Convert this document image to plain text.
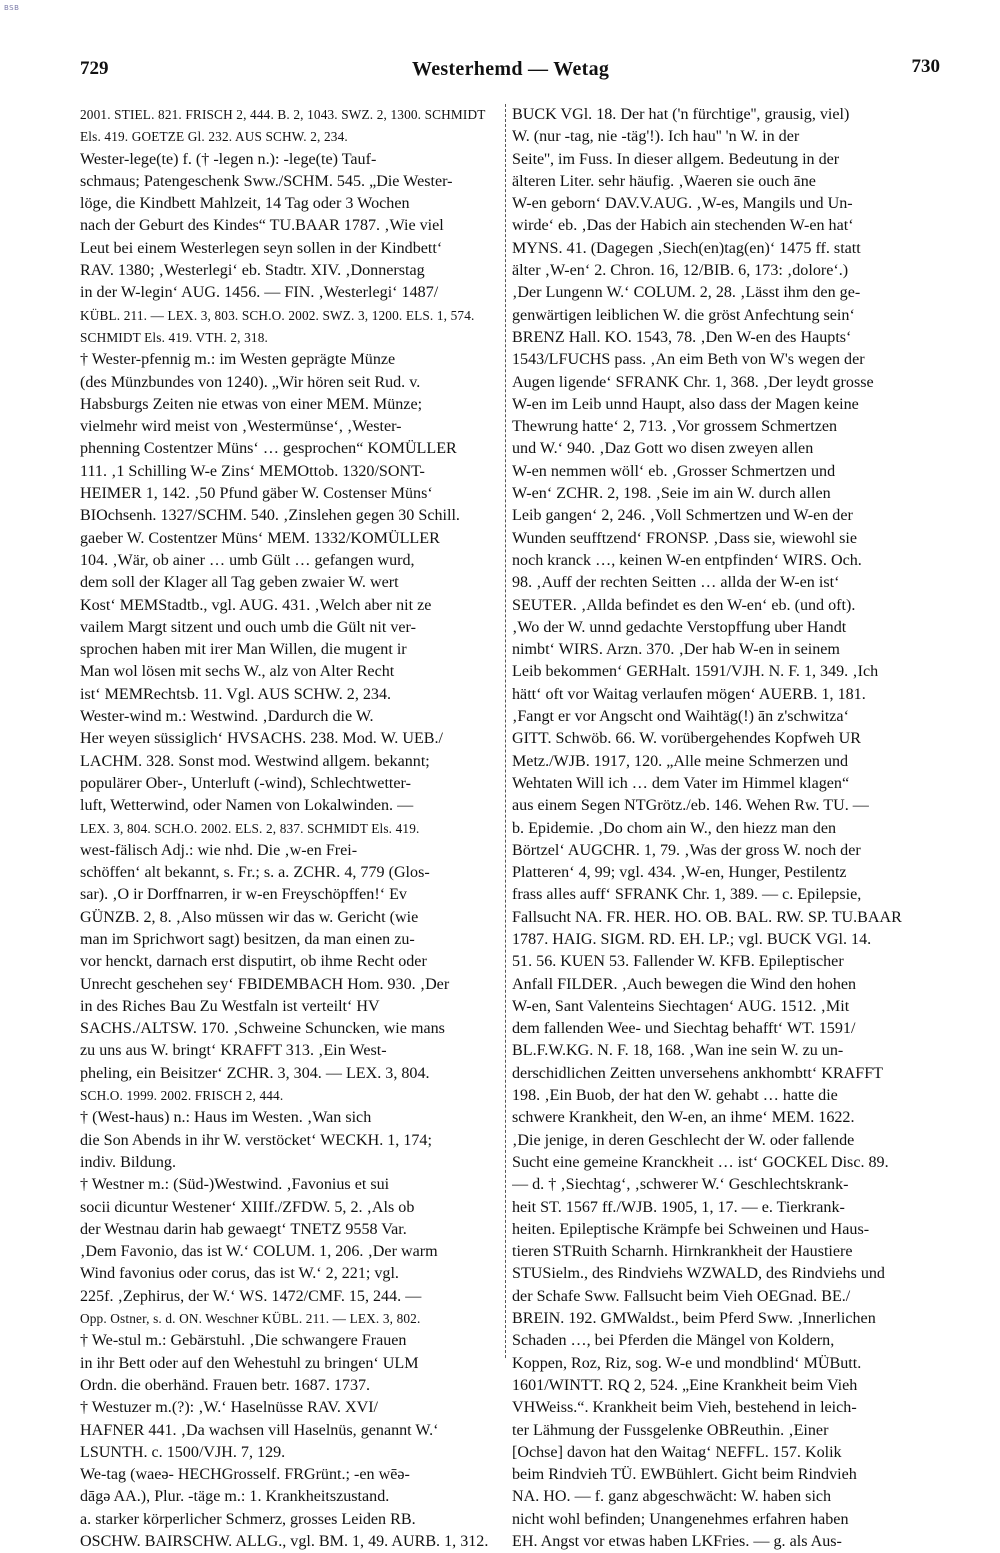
BSB
729	Westerhemd — Wetag	730
2001. STIEL. 821. FRISCH 2, 444. B. 2, 1043. SWZ. 2, 1300. SCHMIDT
Els. 419. GOETZE Gl. 232. AUS SCHW. 2, 234.
Wester-lege(te) f. († -legen n.): -lege(te) Tauf-
schmaus; Patengeschenk Sww./SCHM. 545. „Die Wester-
löge, die Kindbett Mahlzeit, 14 Tag oder 3 Wochen
nach der Geburt des Kindes“ TU.BAAR 1787. ‚Wie viel
Leut bei einem Westerlegen seyn sollen in der Kindbett‘
RAV. 1380; ‚Westerlegi‘ eb. Stadtr. XIV. ‚Donnerstag
in der W-legin‘ AUG. 1456. — FIN. ‚Westerlegi‘ 1487/
KÜBL. 211. — LEX. 3, 803. SCH.O. 2002. SWZ. 3, 1200. ELS. 1, 574.
SCHMIDT Els. 419. VTH. 2, 318.
† Wester-pfennig m.: im Westen geprägte Münze
(des Münzbundes von 1240). „Wir hören seit Rud. v.
Habsburgs Zeiten nie etwas von einer MEM. Münze;
vielmehr wird meist von ‚Westermünse‘, ‚Wester-
phenning Costentzer Müns‘ … gesprochen“ KOMÜLLER
111. ‚1 Schilling W-e Zins‘ MEMOttob. 1320/SONT-
HEIMER 1, 142. ‚50 Pfund gäber W. Costenser Müns‘
BIOchsenh. 1327/SCHM. 540. ‚Zinslehen gegen 30 Schill.
gaeber W. Costentzer Müns‘ MEM. 1332/KOMÜLLER
104. ‚Wär, ob ainer … umb Gült … gefangen wurd,
dem soll der Klager all Tag geben zwaier W. wert
Kost‘ MEMStadtb., vgl. AUG. 431. ‚Welch aber nit ze
vailem Margt sitzent und ouch umb die Gült nit ver-
sprochen haben mit irer Man Willen, die mugent ir
Man wol lösen mit sechs W., alz von Alter Recht
ist‘ MEMRechtsb. 11. Vgl. AUS SCHW. 2, 234.
Wester-wind m.: Westwind. ‚Dardurch die W.
Her weyen süssiglich‘ HVSACHS. 238. Mod. W. UEB./
LACHM. 328. Sonst mod. Westwind allgem. bekannt;
populärer Ober-, Unterluft (-wind), Schlechtwetter-
luft, Wetterwind, oder Namen von Lokalwinden. —
LEX. 3, 804. SCH.O. 2002. ELS. 2, 837. SCHMIDT Els. 419.
west-fälisch Adj.: wie nhd. Die ‚w-en Frei-
schöffen‘ alt bekannt, s. Fr.; s. a. ZCHR. 4, 779 (Glos-
sar). ‚O ir Dorffnarren, ir w-en Freyschöpffen!‘ Ev
GÜNZB. 2, 8. ‚Also müssen wir das w. Gericht (wie
man im Sprichwort sagt) besitzen, da man einen zu-
vor henckt, darnach erst disputirt, ob ihme Recht oder
Unrecht geschehen sey‘ FBIDEMBACH Hom. 930. ‚Der
in des Riches Bau Zu Westfaln ist verteilt‘ HV
SACHS./ALTSW. 170. ‚Schweine Schuncken, wie mans
zu uns aus W. bringt‘ KRAFFT 313. ‚Ein West-
pheling, ein Beisitzer‘ ZCHR. 3, 304. — LEX. 3, 804.
SCH.O. 1999. 2002. FRISCH 2, 444.
† (West-haus) n.: Haus im Westen. ‚Wan sich
die Son Abends in ihr W. verstöcket‘ WECKH. 1, 174;
indiv. Bildung.
† Westner m.: (Süd-)Westwind. ‚Favonius et sui
socii dicuntur Westener‘ XIIIf./ZFDW. 5, 2. ‚Als ob
der Westnau darin hab gewaegt‘ TNETZ 9558 Var.
‚Dem Favonio, das ist W.‘ COLUM. 1, 206. ‚Der warm
Wind favonius oder corus, das ist W.‘ 2, 221; vgl.
225f. ‚Zephirus, der W.‘ WS. 1472/CMF. 15, 244. —
Opp. Ostner, s. d. ON. Weschner KÜBL. 211. — LEX. 3, 802.
† We-stul m.: Gebärstuhl. ‚Die schwangere Frauen
in ihr Bett oder auf den Wehestuhl zu bringen‘ ULM
Ordn. die oberhänd. Frauen betr. 1687. 1737.
† Westuzer m.(?): ‚W.‘ Haselnüsse RAV. XVI/
HAFNER 441. ‚Da wachsen vill Haselnüs, genannt W.‘
LSUNTH. c. 1500/VJH. 7, 129.
We-tag (waeə- HECHGrosself. FRGrünt.; -en wēə-
dāgə AA.), Plur. -täge m.: 1. Krankheitszustand.
a. starker körperlicher Schmerz, grosses Leiden RB.
OSCHW. BAIRSCHW. ALLG., vgl. BM. 1, 49. AURB. 1, 312.
BUCK VGl. 18. Der hat ('n fürchtige'', grausig, viel)
W. (nur -tag, nie -täg'!). Ich hau'' 'n W. in der
Seite'', im Fuss. In dieser allgem. Bedeutung in der
älteren Liter. sehr häufig. ‚Waeren sie ouch āne
W-en geborn‘ DAV.V.AUG. ‚W-es, Mangils und Un-
wirde‘ eb. ‚Das der Habich ain stechenden W-en hat‘
MYNS. 41. (Dagegen ‚Siech(en)tag(en)‘ 1475 ff. statt
älter ‚W-en‘ 2. Chron. 16, 12/BIB. 6, 173: ‚dolore‘.)
‚Der Lungenn W.‘ COLUM. 2, 28. ‚Lässt ihm den ge-
genwärtigen leiblichen W. die gröst Anfechtung sein‘
BRENZ Hall. KO. 1543, 78. ‚Den W-en des Haupts‘
1543/LFUCHS pass. ‚An eim Beth von W's wegen der
Augen ligende‘ SFRANK Chr. 1, 368. ‚Der leydt grosse
W-en im Leib unnd Haupt, also dass der Magen keine
Thewrung hatte‘ 2, 713. ‚Vor grossem Schmertzen
und W.‘ 940. ‚Daz Gott wo disen zweyen allen
W-en nemmen wöll‘ eb. ‚Grosser Schmertzen und
W-en‘ ZCHR. 2, 198. ‚Seie im ain W. durch allen
Leib gangen‘ 2, 246. ‚Voll Schmertzen und W-en der
Wunden seufftzend‘ FRONSP. ‚Dass sie, wiewohl sie
noch kranck …, keinen W-en entpfinden‘ WIRS. Och.
98. ‚Auff der rechten Seitten … allda der W-en ist‘
SEUTER. ‚Allda befindet es den W-en‘ eb. (und oft).
‚Wo der W. unnd gedachte Verstopffung uber Handt
nimbt‘ WIRS. Arzn. 370. ‚Der hab W-en in seinem
Leib bekommen‘ GERHalt. 1591/VJH. N. F. 1, 349. ‚Ich
hätt‘ oft vor Waitag verlaufen mögen‘ AUERB. 1, 181.
‚Fangt er vor Angscht ond Waihtäg(!) ān z'schwitza‘
GITT. Schwöb. 66. W. vorübergehendes Kopfweh UR
Metz./WJB. 1917, 120. „Alle meine Schmerzen und
Wehtaten Will ich … dem Vater im Himmel klagen“
aus einem Segen NTGrötz./eb. 146. Wehen Rw. TU. —
b. Epidemie. ‚Do chom ain W., den hiezz man den
Börtzel‘ AUGCHR. 1, 79. ‚Was der gross W. noch der
Platteren‘ 4, 99; vgl. 434. ‚W-en, Hunger, Pestilentz
frass alles auff‘ SFRANK Chr. 1, 389. — c. Epilepsie,
Fallsucht NA. FR. HER. HO. OB. BAL. RW. SP. TU.BAAR
1787. HAIG. SIGM. RD. EH. LP.; vgl. BUCK VGl. 14.
51. 56. KUEN 53. Fallender W. KFB. Epileptischer
Anfall FILDER. ‚Auch bewegen die Wind den hohen
W-en, Sant Valenteins Siechtagen‘ AUG. 1512. ‚Mit
dem fallenden Wee- und Siechtag behafft‘ WT. 1591/
BL.F.W.KG. N. F. 18, 168. ‚Wan ine sein W. zu un-
derschidlichen Zeitten unversehens ankhombtt‘ KRAFFT
198. ‚Ein Buob, der hat den W. gehabt … hatte die
schwere Krankheit, den W-en, an ihme‘ MEM. 1622.
‚Die jenige, in deren Geschlecht der W. oder fallende
Sucht eine gemeine Kranckheit … ist‘ GOCKEL Disc. 89.
— d. † ‚Siechtag‘, ‚schwerer W.‘ Geschlechtskrank-
heit ST. 1567 ff./WJB. 1905, 1, 17. — e. Tierkrank-
heiten. Epileptische Krämpfe bei Schweinen und Haus-
tieren STRuith Scharnh. Hirnkrankheit der Haustiere
STUSielm., des Rindviehs WZWALD, des Rindviehs und
der Schafe Sww. Fallsucht beim Vieh OEGnad. BE./
BREIN. 192. GMWaldst., beim Pferd Sww. ‚Innerlichen
Schaden …, bei Pferden die Mängel von Koldern,
Koppen, Roz, Riz, sog. W-e und mondblind‘ MÜButt.
1601/WINTT. RQ 2, 524. „Eine Krankheit beim Vieh
VHWeiss.“. Krankheit beim Vieh, bestehend in leich-
ter Lähmung der Fussgelenke OBReuthin. ‚Einer
[Ochse] davon hat den Waitag‘ NEFFL. 157. Kolik
beim Rindvieh TÜ. EWBühlert. Gicht beim Rindvieh
NA. HO. — f. ganz abgeschwächt: W. haben sich
nicht wohl befinden; Unangenehmes erfahren haben
EH. Angst vor etwas haben LKFries. — g. als Aus-
